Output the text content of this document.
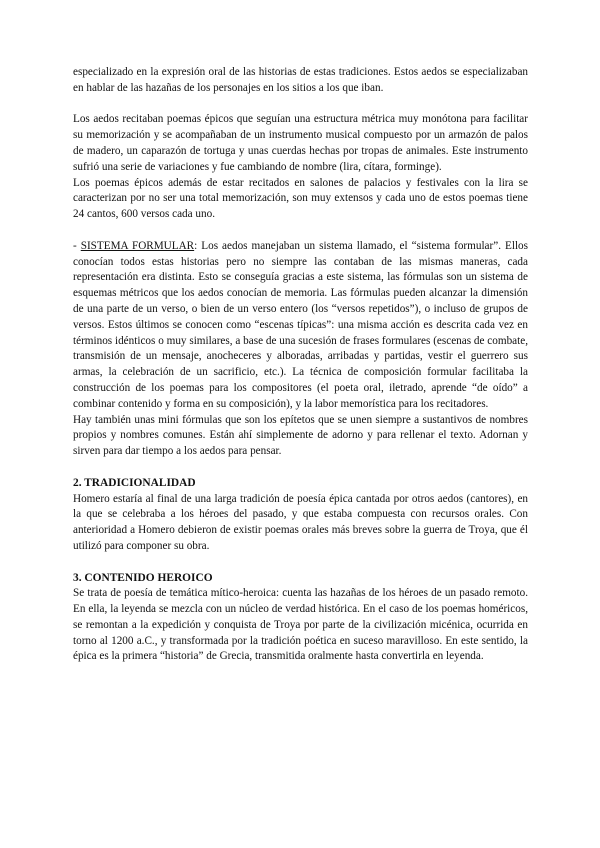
especializado en la expresión oral de las historias de estas tradiciones. Estos aedos se especializaban en hablar de las hazañas de los personajes en los sitios a los que iban.

Los aedos recitaban poemas épicos que seguían una estructura métrica muy monótona para facilitar su memorización y se acompañaban de un instrumento musical compuesto por un armazón de palos de madero, un caparazón de tortuga y unas cuerdas hechas por tropas de animales. Este instrumento sufrió una serie de variaciones y fue cambiando de nombre (lira, cítara, forminge).

Los poemas épicos además de estar recitados en salones de palacios y festivales con la lira se caracterizan por no ser una total memorización, son muy extensos y cada uno de estos poemas tiene 24 cantos, 600 versos cada uno.

- SISTEMA FORMULAR: Los aedos manejaban un sistema llamado, el “sistema formular”. Ellos conocían todos estas historias pero no siempre las contaban de las mismas maneras, cada representación era distinta. Esto se conseguía gracias a este sistema, las fórmulas son un sistema de esquemas métricos que los aedos conocían de memoria. Las fórmulas pueden alcanzar la dimensión de una parte de un verso, o bien de un verso entero (los “versos repetidos”), o incluso de grupos de versos. Estos últimos se conocen como “escenas típicas”: una misma acción es descrita cada vez en términos idénticos o muy similares, a base de una sucesión de frases formulares (escenas de combate, transmisión de un mensaje, anocheceres y alboradas, arribadas y partidas, vestir el guerrero sus armas, la celebración de un sacrificio, etc.). La técnica de composición formular facilitaba la construcción de los poemas para los compositores (el poeta oral, iletrado, aprende “de oído” a combinar contenido y forma en su composición), y la labor memorística para los recitadores.

Hay también unas mini fórmulas que son los epítetos que se unen siempre a sustantivos de nombres propios y nombres comunes. Están ahí simplemente de adorno y para rellenar el texto. Adornan y sirven para dar tiempo a los aedos para pensar.

2. TRADICIONALIDAD

Homero estaría al final de una larga tradición de poesía épica cantada por otros aedos (cantores), en la que se celebraba a los héroes del pasado, y que estaba compuesta con recursos orales. Con anterioridad a Homero debieron de existir poemas orales más breves sobre la guerra de Troya, que él utilizó para componer su obra.

3. CONTENIDO HEROICO

Se trata de poesía de temática mítico-heroica: cuenta las hazañas de los héroes de un pasado remoto. En ella, la leyenda se mezcla con un núcleo de verdad histórica. En el caso de los poemas homéricos, se remontan a la expedición y conquista de Troya por parte de la civilización micénica, ocurrida en torno al 1200 a.C., y transformada por la tradición poética en suceso maravilloso. En este sentido, la épica es la primera “historia” de Grecia, transmitida oralmente hasta convertirla en leyenda.
